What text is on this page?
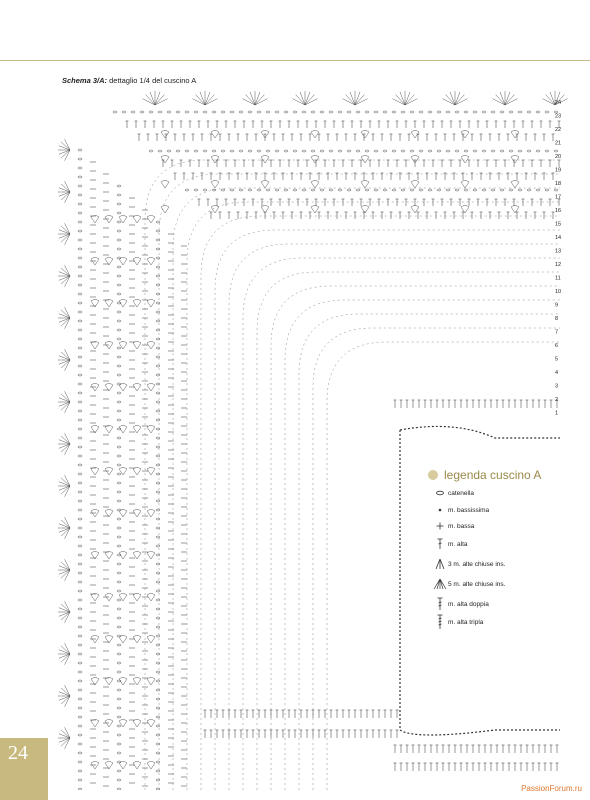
Schema 3/A: dettaglio 1/4 del cuscino A
24
23
22
21
20
19
18
17
16
15
14
13
12
11
10
9
8
7
6
5
4
3
2
1
legenda cuscino A
catenella
m. bassissima
m. bassa
m. alta
3 m. alte chiuse ins.
5 m. alte chiuse ins.
m. alta doppia
m. alta tripla
24
PassionForum.ru
